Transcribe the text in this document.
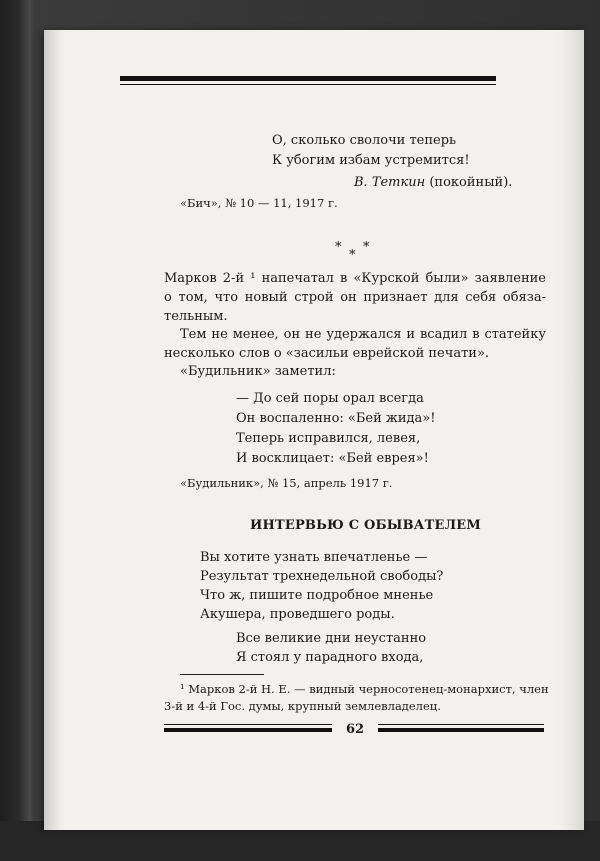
О, сколько сволочи теперь
К убогим избам устремится!
В. Теткин (покойный).
«Бич», № 10 — 11, 1917 г.
*
*
*
Марков 2-й ¹ напечатал в «Курской были» заявление
о том, что новый строй он признает для себя обяза-
тельным.
Тем не менее, он не удержался и всадил в статейку
несколько слов о «засильи еврейской печати».
«Будильник» заметил:
— До сей поры орал всегда
Он воспаленно: «Бей жида»!
Теперь исправился, левея,
И восклицает: «Бей еврея»!
«Будильник», № 15, апрель 1917 г.
ИНТЕРВЬЮ С ОБЫВАТЕЛЕМ
Вы хотите узнать впечатленье —
Результат трехнедельной свободы?
Что ж, пишите подробное мненье
Акушера, проведшего роды.
Все великие дни неустанно
Я стоял у парадного входа,
¹ Марков 2-й Н. Е. — видный черносотенец-монархист, член
3-й и 4-й Гос. думы, крупный землевладелец.
62
